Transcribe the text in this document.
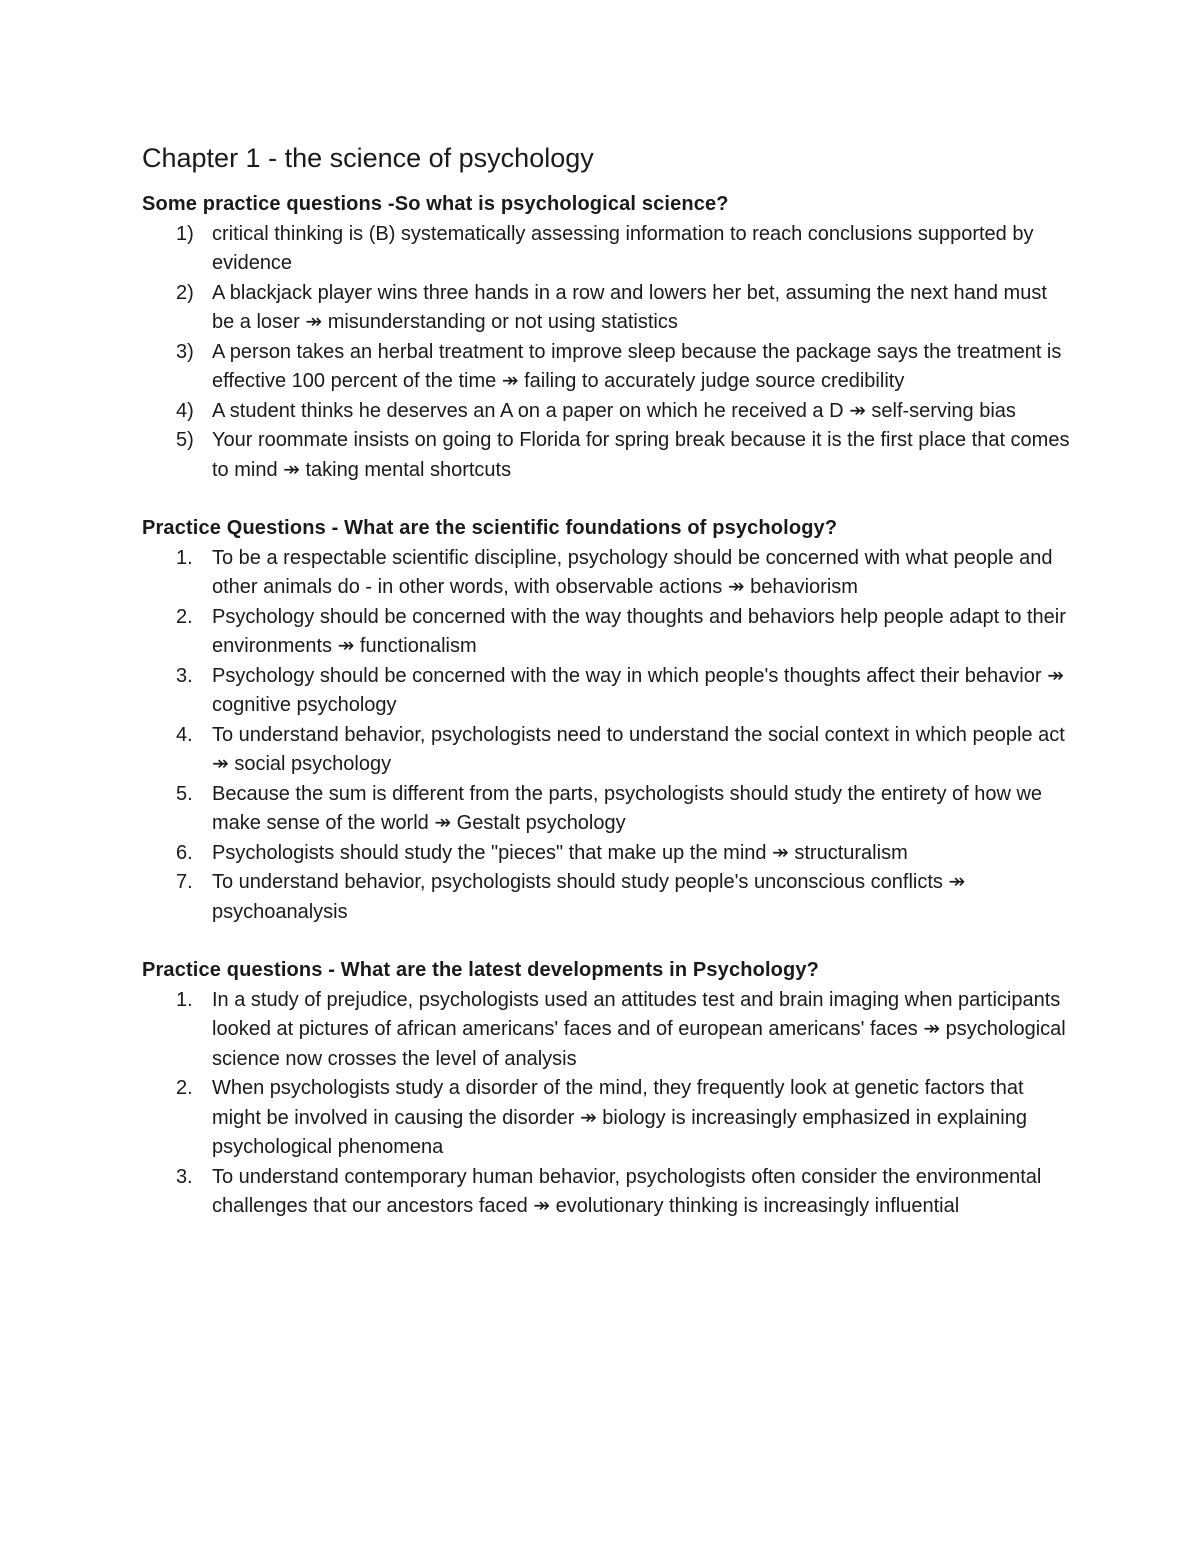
Chapter 1 - the science of psychology

Some practice questions -So what is psychological science?

1) critical thinking is (B) systematically assessing information to reach conclusions supported by evidence
2) A blackjack player wins three hands in a row and lowers her bet, assuming the next hand must be a loser ↠ misunderstanding or not using statistics
3) A person takes an herbal treatment to improve sleep because the package says the treatment is effective 100 percent of the time ↠ failing to accurately judge source credibility
4) A student thinks he deserves an A on a paper on which he received a D ↠ self-serving bias
5) Your roommate insists on going to Florida for spring break because it is the first place that comes to mind ↠ taking mental shortcuts

Practice Questions - What are the scientific foundations of psychology?

1. To be a respectable scientific discipline, psychology should be concerned with what people and other animals do - in other words, with observable actions ↠ behaviorism
2. Psychology should be concerned with the way thoughts and behaviors help people adapt to their environments ↠ functionalism
3. Psychology should be concerned with the way in which people's thoughts affect their behavior ↠ cognitive psychology
4. To understand behavior, psychologists need to understand the social context in which people act ↠ social psychology
5. Because the sum is different from the parts, psychologists should study the entirety of how we make sense of the world ↠ Gestalt psychology
6. Psychologists should study the "pieces" that make up the mind ↠ structuralism
7. To understand behavior, psychologists should study people's unconscious conflicts ↠ psychoanalysis

Practice questions - What are the latest developments in Psychology?

1. In a study of prejudice, psychologists used an attitudes test and brain imaging when participants looked at pictures of african americans' faces and of european americans' faces ↠ psychological science now crosses the level of analysis
2. When psychologists study a disorder of the mind, they frequently look at genetic factors that might be involved in causing the disorder ↠ biology is increasingly emphasized in explaining psychological phenomena
3. To understand contemporary human behavior, psychologists often consider the environmental challenges that our ancestors faced ↠ evolutionary thinking is increasingly influential
